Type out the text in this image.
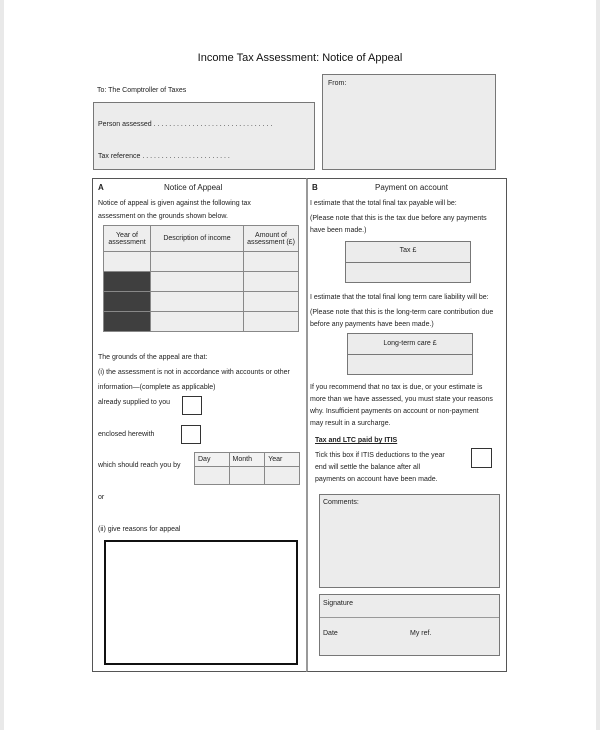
Income Tax Assessment: Notice of Appeal
To: The Comptroller of Taxes
From:
Person assessed . . . . . . . . . . . . . . . . . . . . . . . . . . . . . . .
Tax reference . . . . . . . . . . . . . . . . . . . . . . .
A	Notice of Appeal
Notice of appeal is given against the following tax
assessment on the grounds shown below.
Year of assessment	Description of income	Amount of assessment (£)

The grounds of the appeal are that:
(i) the assessment is not in accordance with accounts or other
information—(complete as applicable)
already supplied to you
enclosed herewith
which should reach you by
Day	Month	Year

or
(ii) give reasons for appeal
B	Payment on account
I estimate that the total final tax payable will be:
(Please note that this is the tax due before any payments
have been made.)
Tax £
I estimate that the total final long term care liability will be:
(Please note that this is the long-term care contribution due
before any payments have been made.)
Long-term care £
If you recommend that no tax is due, or your estimate is
more than we have assessed, you must state your reasons
why. Insufficient payments on account or non-payment
may result in a surcharge.
Tax and LTC paid by ITIS
Tick this box if ITIS deductions to the year
end will settle the balance after all
payments on account have been made.
Comments:
Signature
Date	My ref.
